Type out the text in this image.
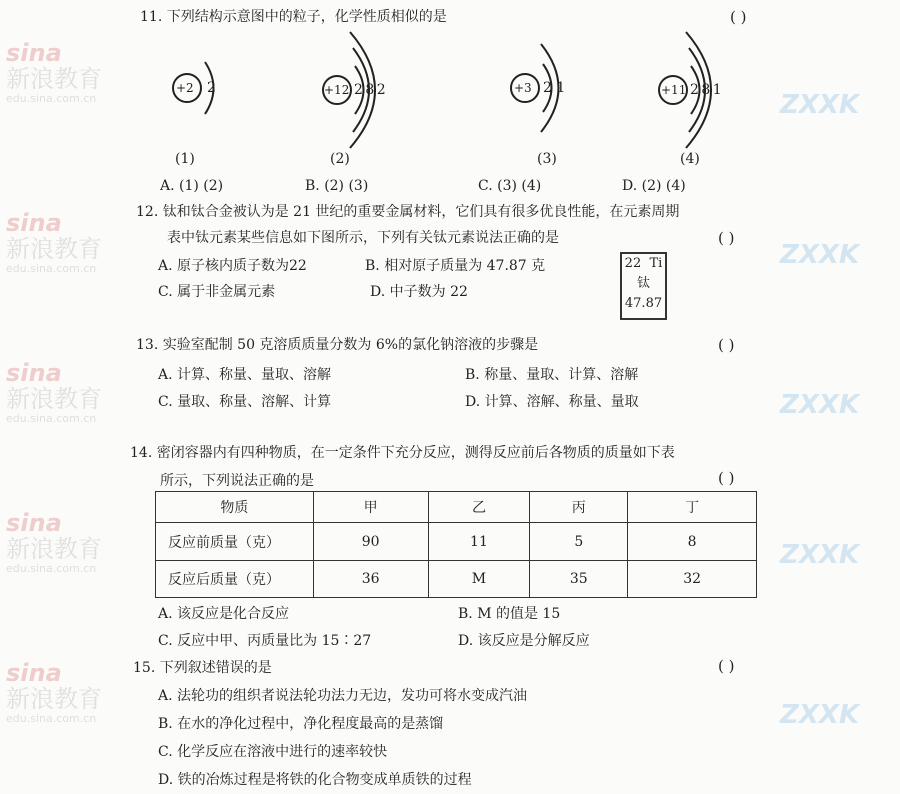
sina
新浪教育
edu.sina.com.cn
sina
新浪教育
edu.sina.com.cn
sina
新浪教育
edu.sina.com.cn
sina
新浪教育
edu.sina.com.cn
sina
新浪教育
edu.sina.com.cn
ZXXK
ZXXK
ZXXK
ZXXK
ZXXK
11. 下列结构示意图中的粒子，化学性质相似的是	( )
+2 2	+12 2 8 2	+3 2 1	+11 2 8 1
(1)	(2)	(3)	(4)
A. (1) (2)	B. (2) (3)	C. (3) (4)	D. (2) (4)
12. 钛和钛合金被认为是 21 世纪的重要金属材料，它们具有很多优良性能，在元素周期
表中钛元素某些信息如下图所示，下列有关钛元素说法正确的是	( )
A. 原子核内质子数为22	B. 相对原子质量为 47.87 克
C. 属于非金属元素	D. 中子数为 22
22 Ti
钛
47.87
13. 实验室配制 50 克溶质质量分数为 6%的氯化钠溶液的步骤是	( )
A. 计算、称量、量取、溶解	B. 称量、量取、计算、溶解
C. 量取、称量、溶解、计算	D. 计算、溶解、称量、量取
14. 密闭容器内有四种物质，在一定条件下充分反应，测得反应前后各物质的质量如下表
所示，下列说法正确的是	( )
物质	甲	乙	丙	丁
反应前质量（克）	90	11	5	8
反应后质量（克）	36	M	35	32
A. 该反应是化合反应	B. M 的值是 15
C. 反应中甲、丙质量比为 15∶27	D. 该反应是分解反应
15. 下列叙述错误的是	( )
A. 法轮功的组织者说法轮功法力无边，发功可将水变成汽油
B. 在水的净化过程中，净化程度最高的是蒸馏
C. 化学反应在溶液中进行的速率较快
D. 铁的冶炼过程是将铁的化合物变成单质铁的过程
